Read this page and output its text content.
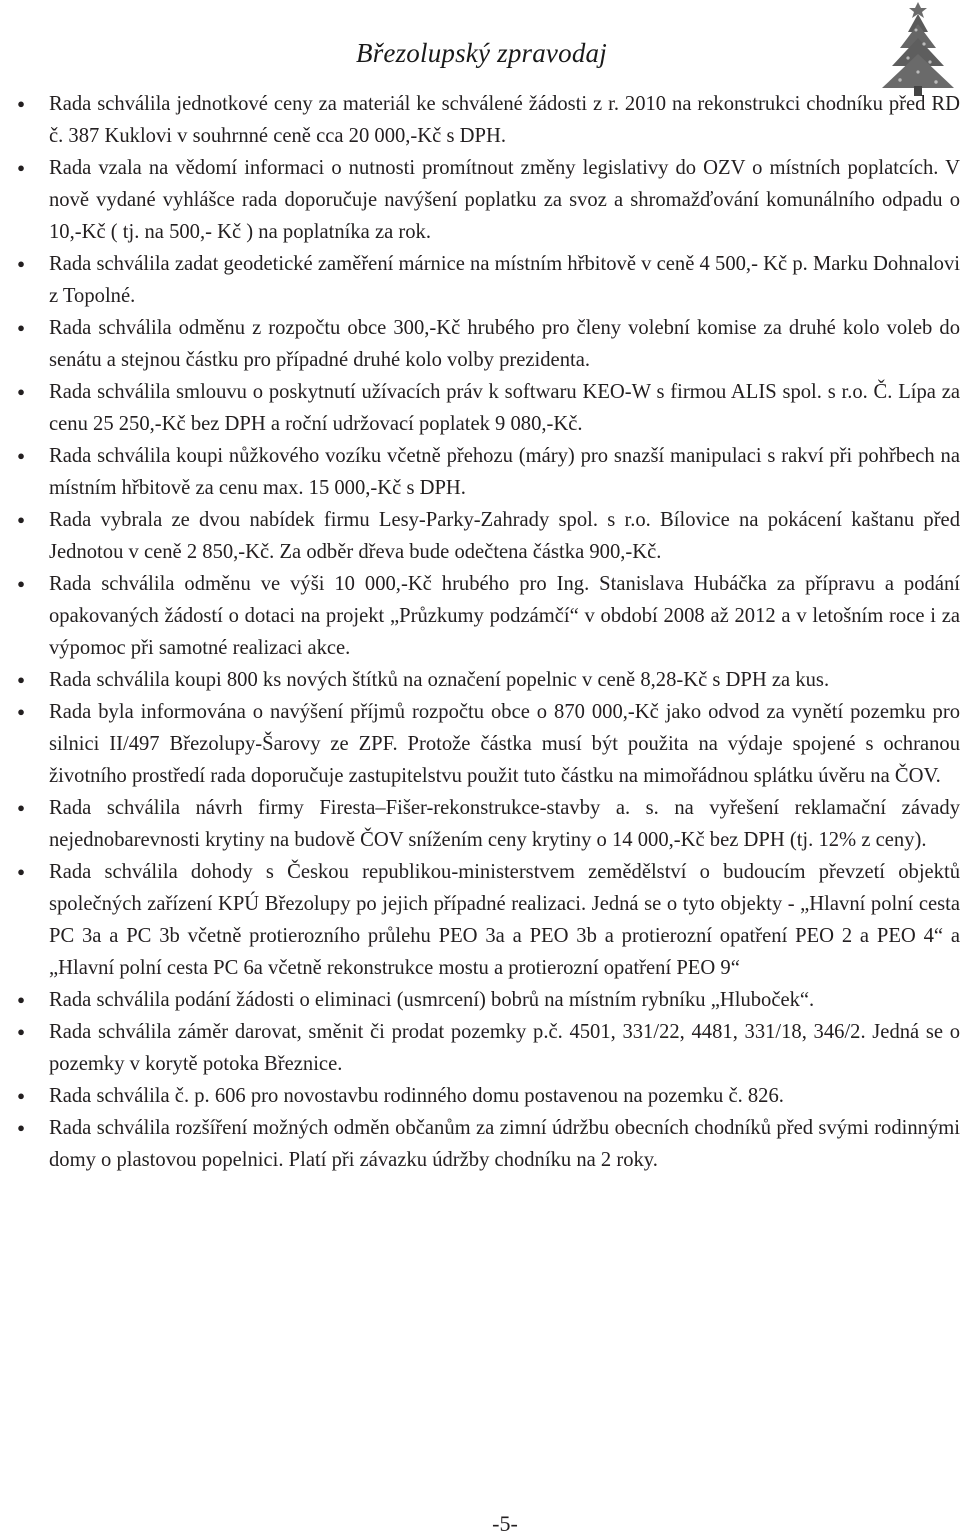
Březolupský zpravodaj
● Rada schválila jednotkové ceny za materiál ke schválené žádosti z r. 2010 na rekonstrukci chodníku před RD č. 387 Kuklovi v souhrnné ceně cca 20 000,-Kč s DPH.
● Rada vzala na vědomí informaci o nutnosti promítnout změny legislativy do OZV o místních poplatcích. V nově vydané vyhlášce rada doporučuje navýšení poplatku za svoz a shromažďování komunálního odpadu o 10,-Kč ( tj. na 500,- Kč ) na poplatníka za rok.
● Rada schválila zadat geodetické zaměření márnice na místním hřbitově v ceně 4 500,- Kč p. Marku Dohnalovi z Topolné.
● Rada schválila odměnu z rozpočtu obce 300,-Kč hrubého pro členy volební komise za druhé kolo voleb do senátu a stejnou částku pro případné druhé kolo volby prezidenta.
● Rada schválila smlouvu o poskytnutí užívacích práv k softwaru KEO-W s firmou ALIS spol. s r.o. Č. Lípa za cenu 25 250,-Kč bez DPH a roční udržovací poplatek 9 080,-Kč.
● Rada schválila koupi nůžkového vozíku včetně přehozu (máry) pro snazší manipulaci s rakví při pohřbech na místním hřbitově za cenu max. 15 000,-Kč s DPH.
● Rada vybrala ze dvou nabídek firmu Lesy-Parky-Zahrady spol. s r.o. Bílovice na pokácení kaštanu před Jednotou v ceně 2 850,-Kč. Za odběr dřeva bude odečtena částka 900,-Kč.
● Rada schválila odměnu ve výši 10 000,-Kč hrubého pro Ing. Stanislava Hubáčka za přípravu a podání opakovaných žádostí o dotaci na projekt „Průzkumy podzámčí“ v období 2008 až 2012 a v letošním roce i za výpomoc při samotné realizaci akce.
● Rada schválila koupi 800 ks nových štítků na označení popelnic v ceně 8,28-Kč s DPH za kus.
● Rada byla informována o navýšení příjmů rozpočtu obce o 870 000,-Kč jako odvod za vynětí pozemku pro silnici II/497 Březolupy-Šarovy ze ZPF. Protože částka musí být použita na výdaje spojené s ochranou životního prostředí rada doporučuje zastupitelstvu použit tuto částku na mimořádnou splátku úvěru na ČOV.
● Rada schválila návrh firmy Firesta–Fišer-rekonstrukce-stavby a. s. na vyřešení reklamační závady nejednobarevnosti krytiny na budově ČOV snížením ceny krytiny o 14 000,-Kč bez DPH (tj. 12% z ceny).
● Rada schválila dohody s Českou republikou-ministerstvem zemědělství o budoucím převzetí objektů společných zařízení KPÚ Březolupy po jejich případné realizaci. Jedná se o tyto objekty - „Hlavní polní cesta PC 3a a PC 3b včetně protierozního průlehu PEO 3a a PEO 3b a protierozní opatření PEO 2 a PEO 4“ a „Hlavní polní cesta PC 6a včetně rekonstrukce mostu a protierozní opatření PEO 9“
● Rada schválila podání žádosti o eliminaci (usmrcení) bobrů na místním rybníku „Hluboček“.
● Rada schválila záměr darovat, směnit či prodat pozemky p.č. 4501, 331/22, 4481, 331/18, 346/2. Jedná se o pozemky v korytě potoka Březnice.
● Rada schválila č. p. 606 pro novostavbu rodinného domu postavenou na pozemku č. 826.
● Rada schválila rozšíření možných odměn občanům za zimní údržbu obecních chodníků před svými rodinnými domy o plastovou popelnici. Platí při závazku údržby chodníku na 2 roky.
-5-
